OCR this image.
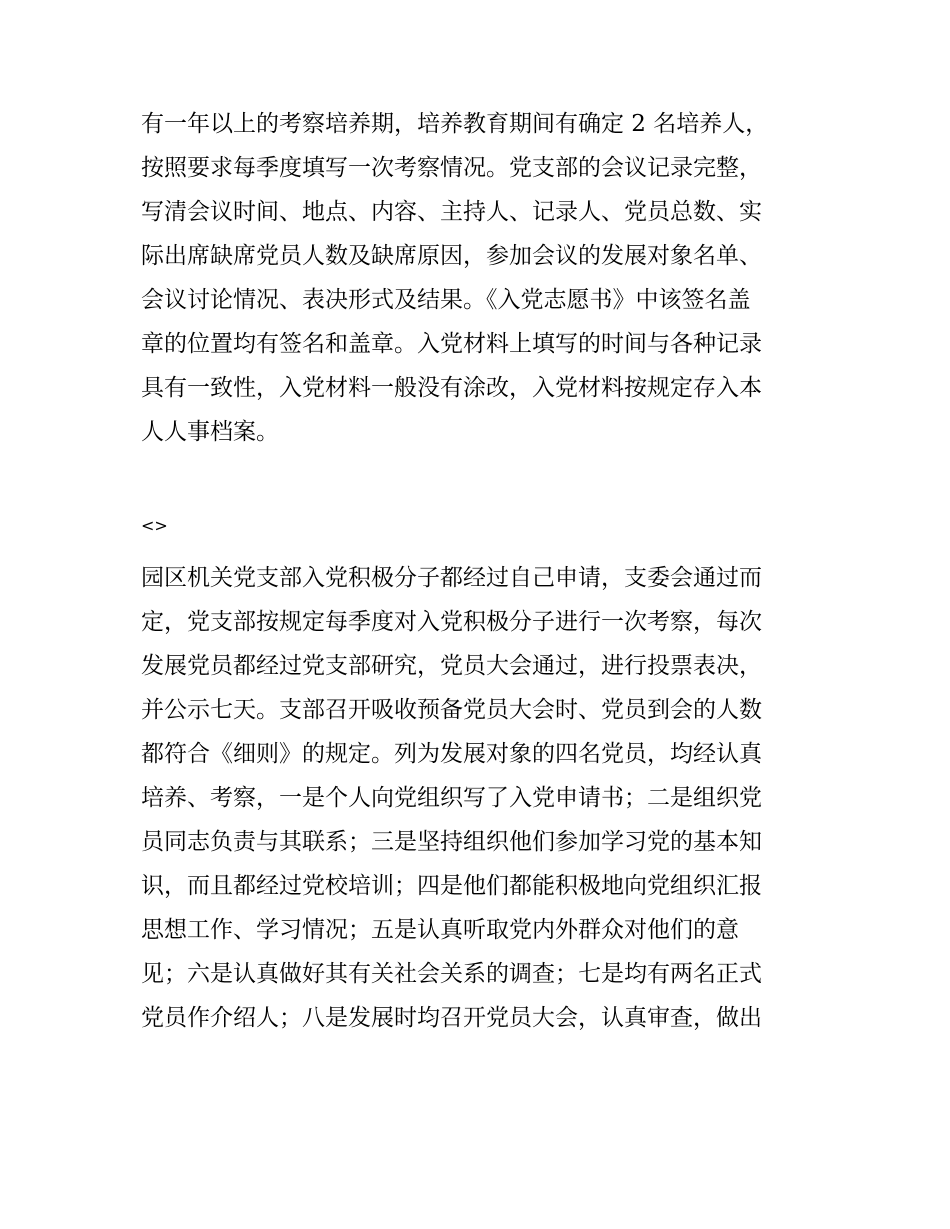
有一年以上的考察培养期，培养教育期间有确定 2 名培养人，
按照要求每季度填写一次考察情况。党支部的会议记录完整，
写清会议时间、地点、内容、主持人、记录人、党员总数、实
际出席缺席党员人数及缺席原因，参加会议的发展对象名单、
会议讨论情况、表决形式及结果。《入党志愿书》中该签名盖
章的位置均有签名和盖章。入党材料上填写的时间与各种记录
具有一致性，入党材料一般没有涂改，入党材料按规定存入本
人人事档案。
<>
园区机关党支部入党积极分子都经过自己申请，支委会通过而
定，党支部按规定每季度对入党积极分子进行一次考察，每次
发展党员都经过党支部研究，党员大会通过，进行投票表决，
并公示七天。支部召开吸收预备党员大会时、党员到会的人数
都符合《细则》的规定。列为发展对象的四名党员，均经认真
培养、考察，一是个人向党组织写了入党申请书；二是组织党
员同志负责与其联系；三是坚持组织他们参加学习党的基本知
识，而且都经过党校培训；四是他们都能积极地向党组织汇报
思想工作、学习情况；五是认真听取党内外群众对他们的意
见；六是认真做好其有关社会关系的调查；七是均有两名正式
党员作介绍人；八是发展时均召开党员大会，认真审查，做出
